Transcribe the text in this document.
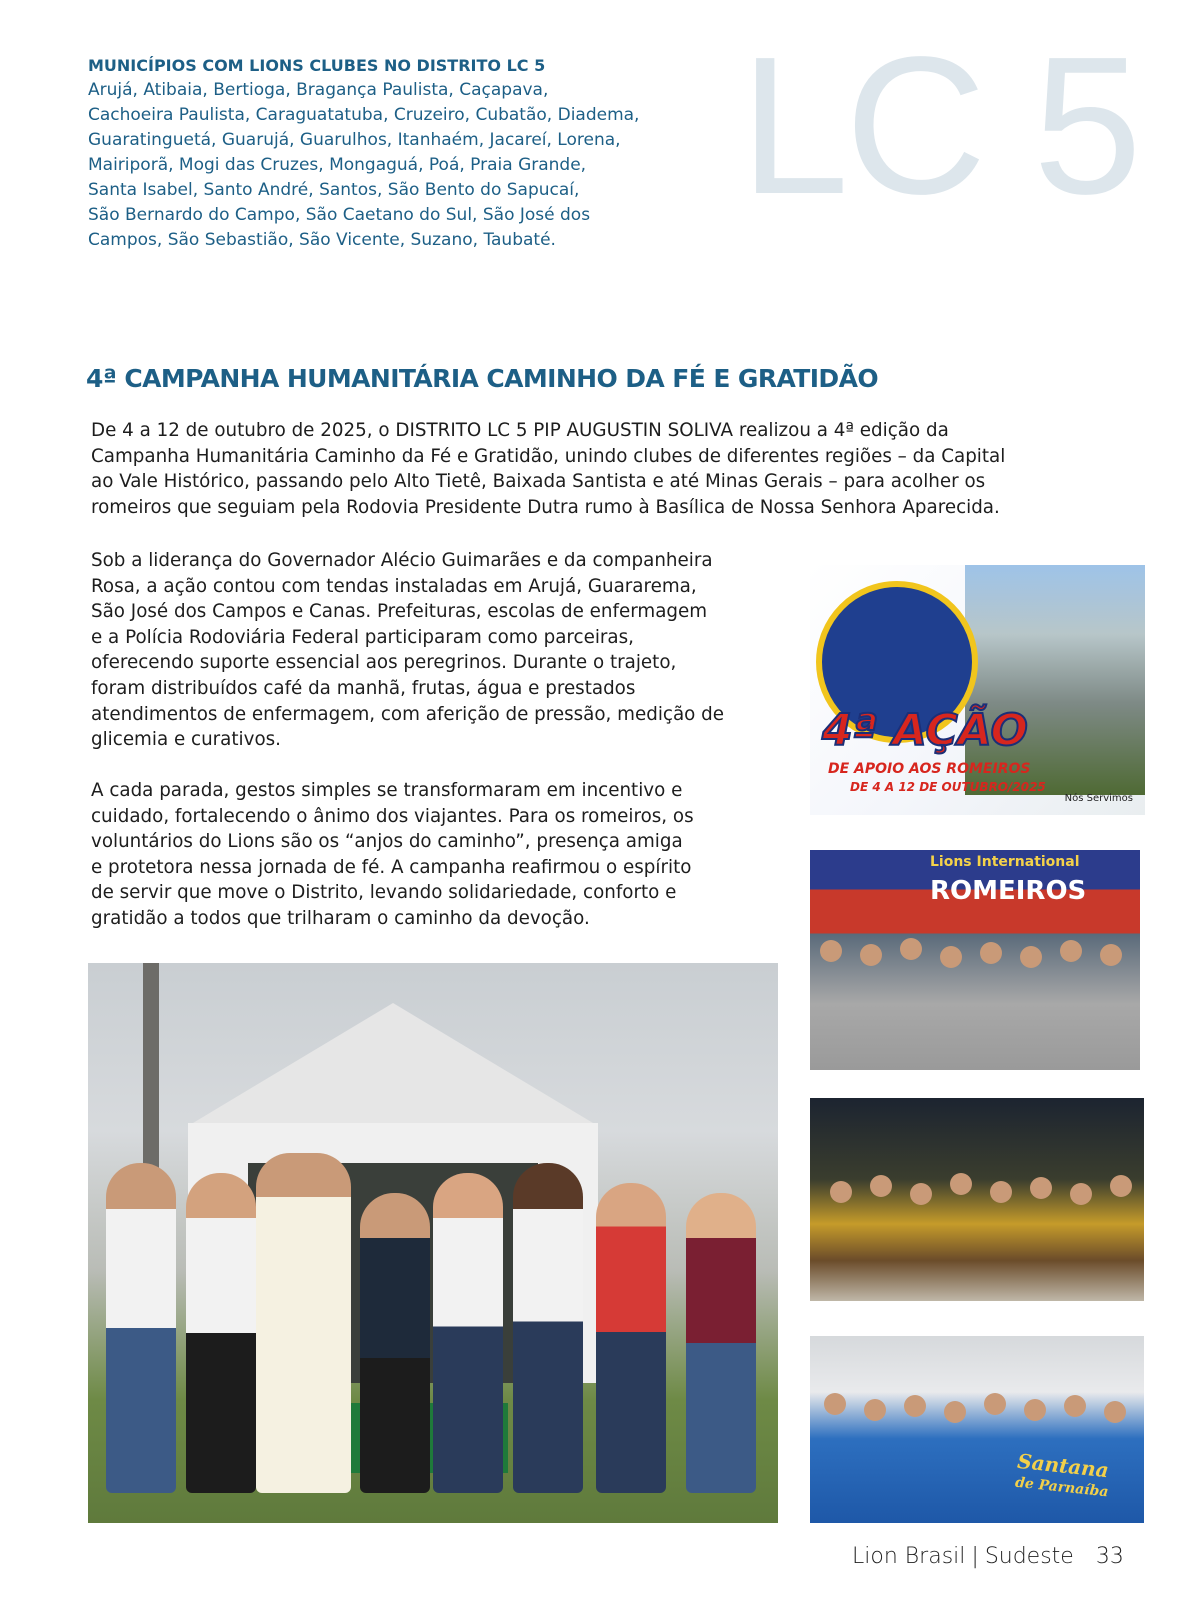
MUNICÍPIOS COM LIONS CLUBES NO DISTRITO LC 5

Arujá, Atibaia, Bertioga, Bragança Paulista, Caçapava,
Cachoeira Paulista, Caraguatatuba, Cruzeiro, Cubatão, Diadema,
Guaratinguetá, Guarujá, Guarulhos, Itanhaém, Jacareí, Lorena,
Mairiporã, Mogi das Cruzes, Mongaguá, Poá, Praia Grande,
Santa Isabel, Santo André, Santos, São Bento do Sapucaí,
São Bernardo do Campo, São Caetano do Sul, São José dos
Campos, São Sebastião, São Vicente, Suzano, Taubaté.

LC 5
4ª CAMPANHA HUMANITÁRIA CAMINHO DA FÉ E GRATIDÃO

De 4 a 12 de outubro de 2025, o DISTRITO LC 5 PIP AUGUSTIN SOLIVA realizou a 4ª edição da
Campanha Humanitária Caminho da Fé e Gratidão, unindo clubes de diferentes regiões – da Capital
ao Vale Histórico, passando pelo Alto Tietê, Baixada Santista e até Minas Gerais – para acolher os
romeiros que seguiam pela Rodovia Presidente Dutra rumo à Basílica de Nossa Senhora Aparecida.

Sob a liderança do Governador Alécio Guimarães e da companheira
Rosa, a ação contou com tendas instaladas em Arujá, Guararema,
São José dos Campos e Canas. Prefeituras, escolas de enfermagem
e a Polícia Rodoviária Federal participaram como parceiras,
oferecendo suporte essencial aos peregrinos. Durante o trajeto,
foram distribuídos café da manhã, frutas, água e prestados
atendimentos de enfermagem, com aferição de pressão, medição de
glicemia e curativos.

A cada parada, gestos simples se transformaram em incentivo e
cuidado, fortalecendo o ânimo dos viajantes. Para os romeiros, os
voluntários do Lions são os “anjos do caminho”, presença amiga
e protetora nessa jornada de fé. A campanha reafirmou o espírito
de servir que move o Distrito, levando solidariedade, conforto e
gratidão a todos que trilharam o caminho da devoção.

4ª AÇÃO
DE APOIO AOS ROMEIROS
DE 4 A 12 DE OUTUBRO/2025
Nós Servimos
Lions International
ROMEIROS
Santana
de Parnaíba
Lion Brasil | Sudeste 33
